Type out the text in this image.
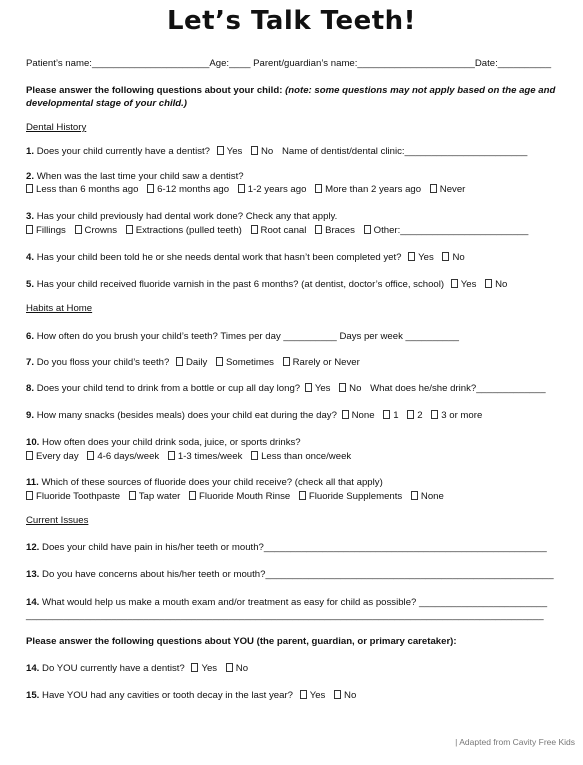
Let’s Talk Teeth!
Patient’s name:______________________Age:____ Parent/guardian’s name:______________________Date:__________
Please answer the following questions about your child: (note: some questions may not apply based on the age and
developmental stage of your child.)
Dental History
1. Does your child currently have a dentist? Yes No Name of dentist/dental clinic:_______________________
2. When was the last time your child saw a dentist?
Less than 6 months ago 6-12 months ago 1-2 years ago More than 2 years ago Never
3. Has your child previously had dental work done? Check any that apply.
Fillings Crowns Extractions (pulled teeth) Root canal Braces Other:________________________
4. Has your child been told he or she needs dental work that hasn’t been completed yet? Yes No
5. Has your child received fluoride varnish in the past 6 months? (at dentist, doctor’s office, school) Yes No
Habits at Home
6. How often do you brush your child’s teeth? Times per day __________ Days per week __________
7. Do you floss your child’s teeth? Daily Sometimes Rarely or Never
8. Does your child tend to drink from a bottle or cup all day long? Yes No What does he/she drink?_____________
9. How many snacks (besides meals) does your child eat during the day? None 1 2 3 or more
10. How often does your child drink soda, juice, or sports drinks?
Every day 4-6 days/week 1-3 times/week Less than once/week
11. Which of these sources of fluoride does your child receive? (check all that apply)
Fluoride Toothpaste Tap water Fluoride Mouth Rinse Fluoride Supplements None
Current Issues
12. Does your child have pain in his/her teeth or mouth?_____________________________________________________
13. Do you have concerns about his/her teeth or mouth?______________________________________________________
14. What would help us make a mouth exam and/or treatment as easy for child as possible? ________________________
_________________________________________________________________________________________________
Please answer the following questions about YOU (the parent, guardian, or primary caretaker):
14. Do YOU currently have a dentist? Yes No
15. Have YOU had any cavities or tooth decay in the last year? Yes No
| Adapted from Cavity Free Kids
